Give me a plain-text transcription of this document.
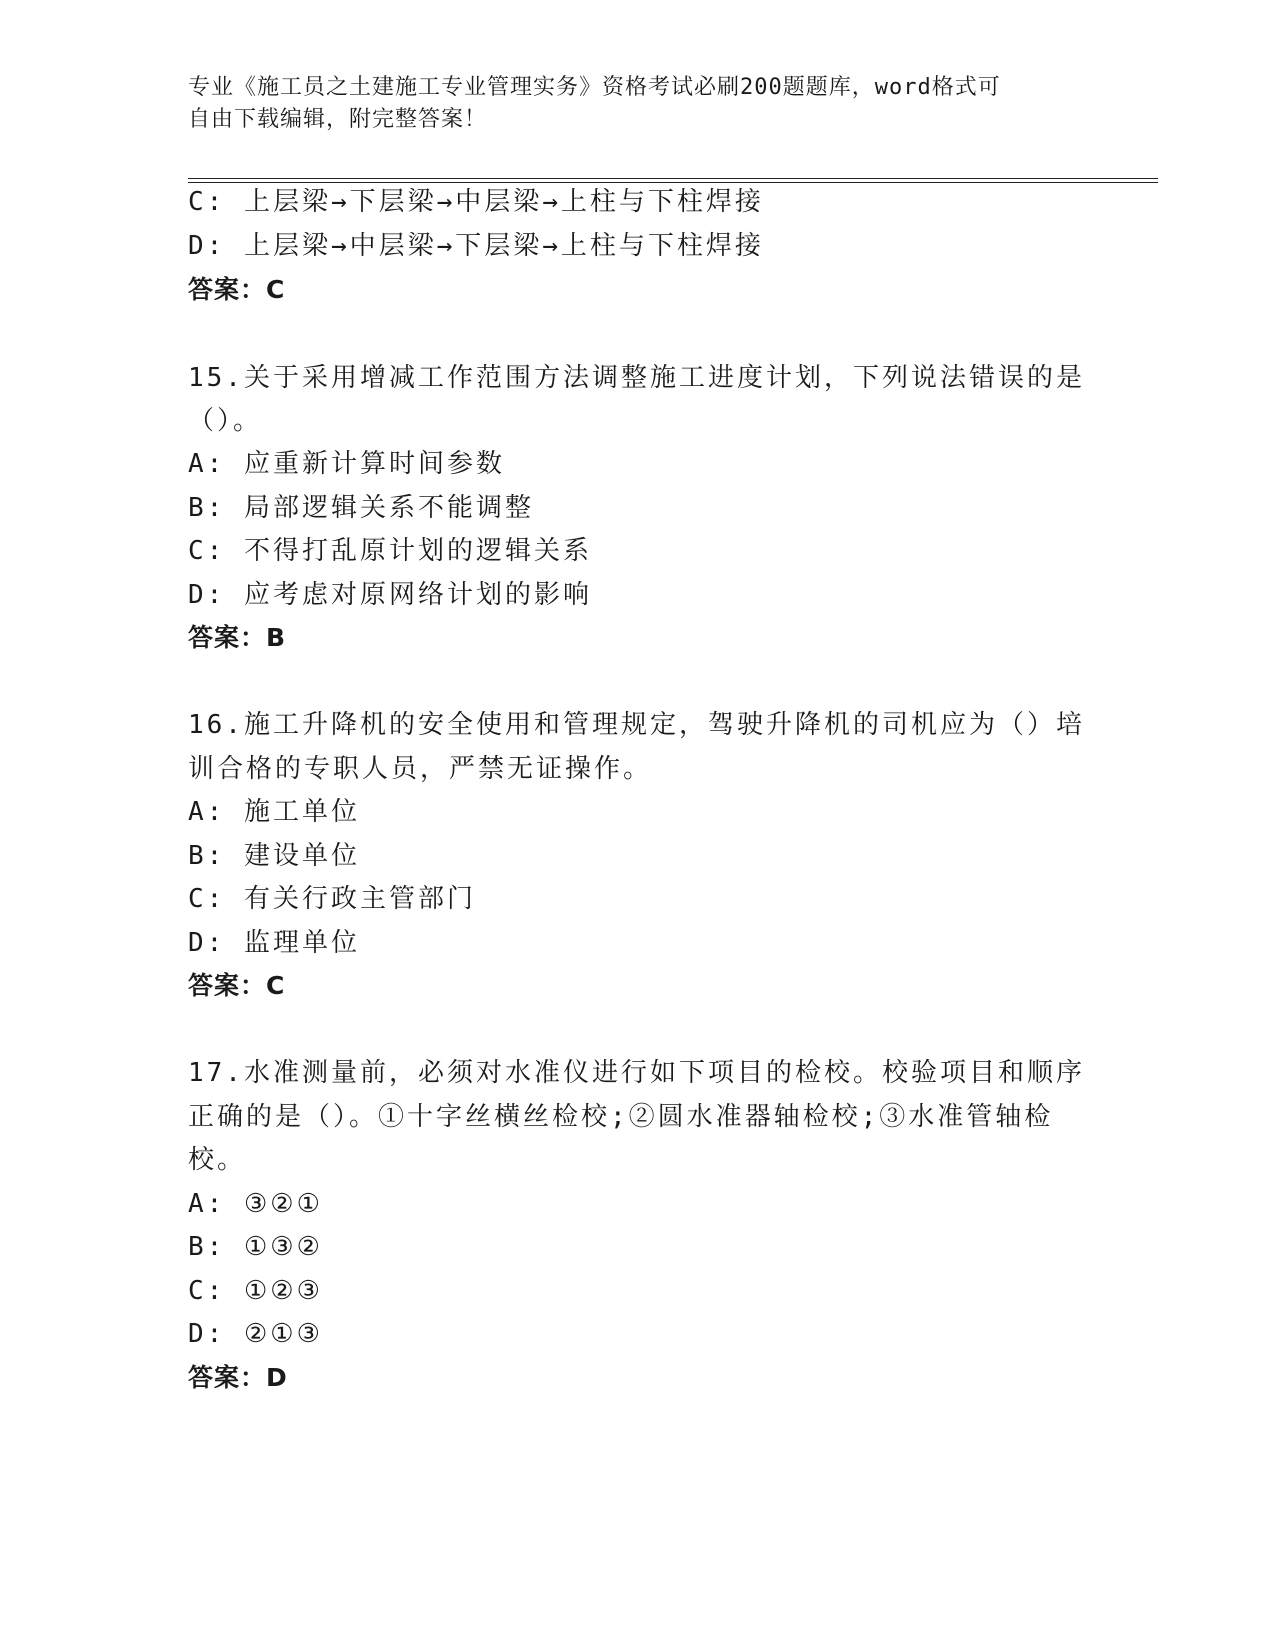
专业《施工员之土建施工专业管理实务》资格考试必刷200题题库，word格式可
自由下载编辑，附完整答案！
C: 上层梁→下层梁→中层梁→上柱与下柱焊接
D: 上层梁→中层梁→下层梁→上柱与下柱焊接
答案：C
15.关于采用增减工作范围方法调整施工进度计划，下列说法错误的是
（）。
A: 应重新计算时间参数
B: 局部逻辑关系不能调整
C: 不得打乱原计划的逻辑关系
D: 应考虑对原网络计划的影响
答案：B
16.施工升降机的安全使用和管理规定，驾驶升降机的司机应为（）培
训合格的专职人员，严禁无证操作。
A: 施工单位
B: 建设单位
C: 有关行政主管部门
D: 监理单位
答案：C
17.水准测量前，必须对水准仪进行如下项目的检校。校验项目和顺序
正确的是（）。①十字丝横丝检校;②圆水准器轴检校;③水准管轴检
校。
A: ③②①
B: ①③②
C: ①②③
D: ②①③
答案：D
